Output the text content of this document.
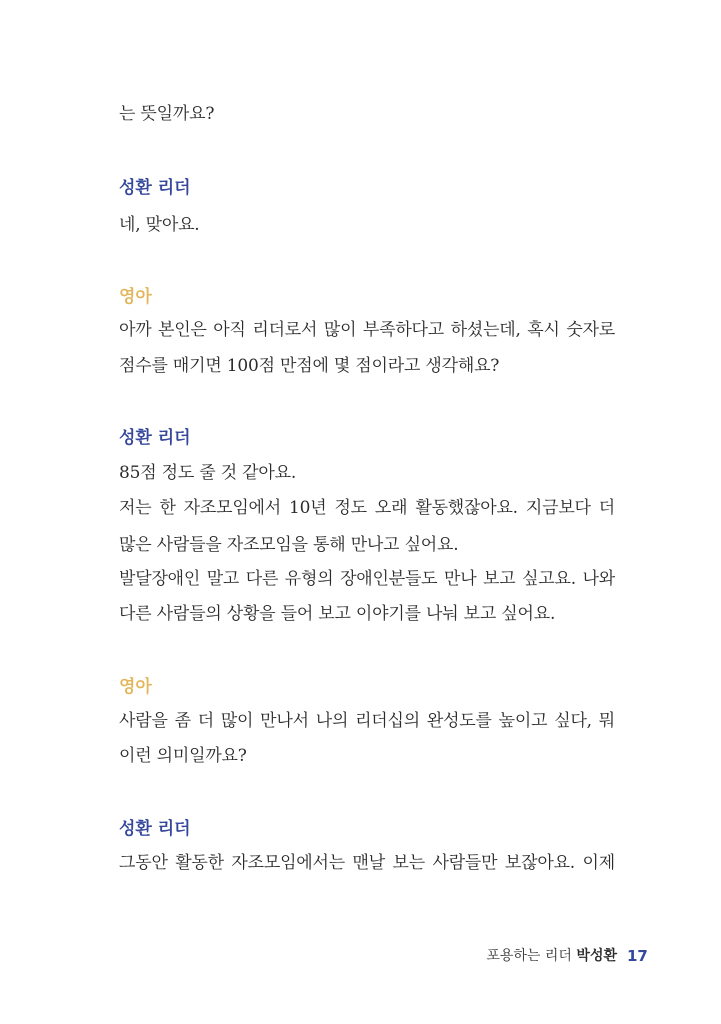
는 뜻일까요?
성환 리더
네, 맞아요.
영아
아까 본인은 아직 리더로서 많이 부족하다고 하셨는데, 혹시 숫자로
점수를 매기면 100점 만점에 몇 점이라고 생각해요?
성환 리더
85점 정도 줄 것 같아요.
저는 한 자조모임에서 10년 정도 오래 활동했잖아요. 지금보다 더
많은 사람들을 자조모임을 통해 만나고 싶어요.
발달장애인 말고 다른 유형의 장애인분들도 만나 보고 싶고요. 나와
다른 사람들의 상황을 들어 보고 이야기를 나눠 보고 싶어요.
영아
사람을 좀 더 많이 만나서 나의 리더십의 완성도를 높이고 싶다, 뭐
이런 의미일까요?
성환 리더
그동안 활동한 자조모임에서는 맨날 보는 사람들만 보잖아요. 이제
포용하는 리더 박성환 17
